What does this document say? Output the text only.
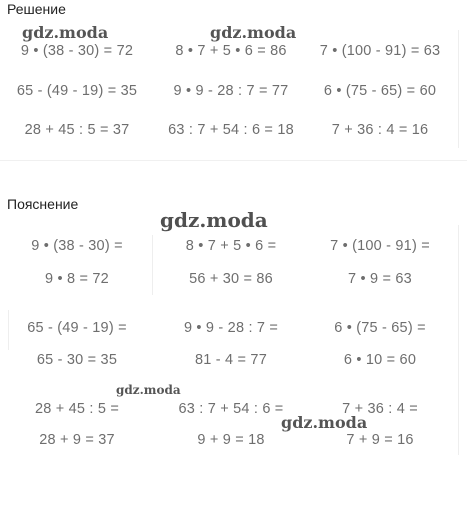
Решение
9 • (38 - 30) = 72	8 • 7 + 5 • 6 = 86	7 • (100 - 91) = 63
65 - (49 - 19) = 35	9 • 9 - 28 : 7 = 77	6 • (75 - 65) = 60
28 + 45 : 5 = 37	63 : 7 + 54 : 6 = 18	7 + 36 : 4 = 16
Пояснение
9 • (38 - 30) =	8 • 7 + 5 • 6 =	7 • (100 - 91) =
9 • 8 = 72	56 + 30 = 86	7 • 9 = 63
65 - (49 - 19) =	9 • 9 - 28 : 7 =	6 • (75 - 65) =
65 - 30 = 35	81 - 4 = 77	6 • 10 = 60
28 + 45 : 5 =	63 : 7 + 54 : 6 =	7 + 36 : 4 =
28 + 9 = 37	9 + 9 = 18	7 + 9 = 16
gdz.moda	gdz.moda
gdz.moda
gdz.moda
gdz.moda
